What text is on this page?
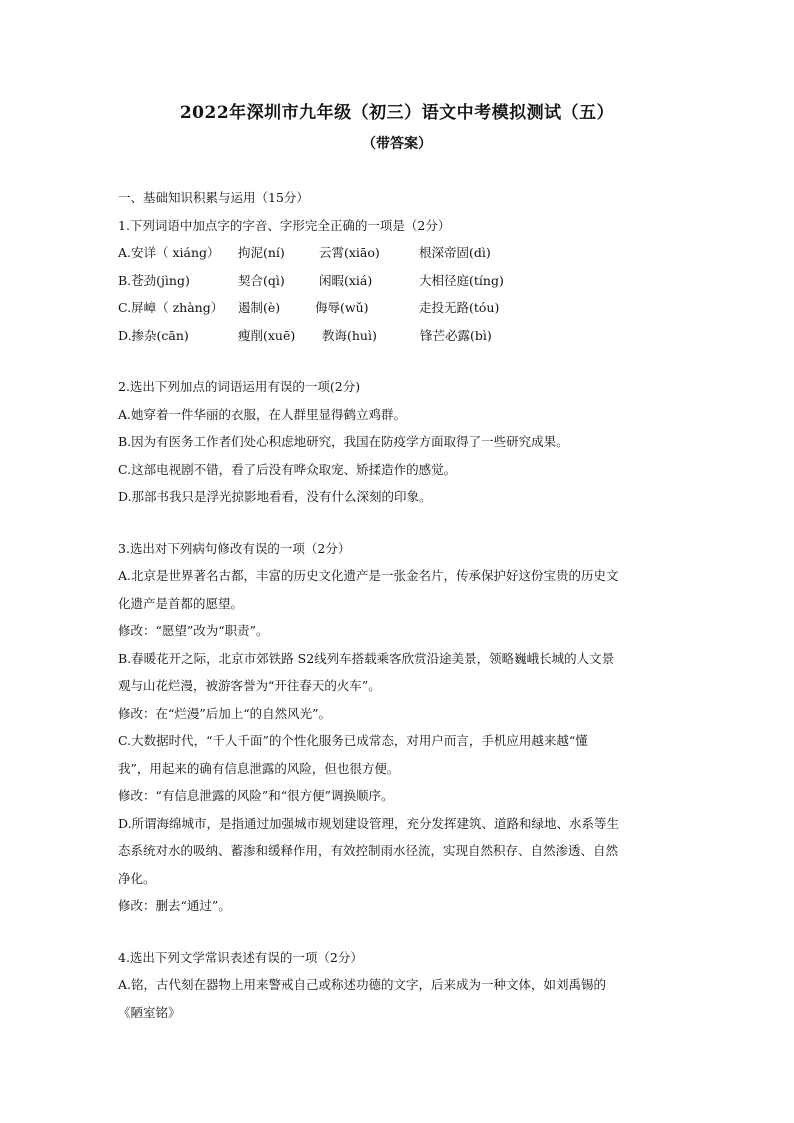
2022年深圳市九年级（初三）语文中考模拟测试（五）
（带答案）
一、基础知识积累与运用（15分）
1.下列词语中加点字的字音、字形完全正确的一项是（2分）
A.安详（ xiáng）	拘泥(ní)	云霄(xiāo)	根深帝固(dì)
B.苍劲(jìng)	契合(qì)	闲暇(xiá)	大相径庭(tíng)
C.屏嶂（ zhàng）	遏制(è)	侮辱(wǔ)	走投无路(tóu)
D.掺杂(cān)	瘦削(xuē)	教诲(huì)	锋芒必露(bì)
2.选出下列加点的词语运用有误的一项(2分)
A.她穿着一件华丽的衣服，在人群里显得鹤立鸡群。
B.因为有医务工作者们处心积虑地研究，我国在防疫学方面取得了一些研究成果。
C.这部电视剧不错，看了后没有哗众取宠、矫揉造作的感觉。
D.那部书我只是浮光掠影地看看，没有什么深刻的印象。
3.选出对下列病句修改有误的一项（2分）
A.北京是世界著名古都，丰富的历史文化遗产是一张金名片，传承保护好这份宝贵的历史文
化遗产是首都的愿望。
修改：“愿望”改为“职责”。
B.春暖花开之际，北京市郊铁路 S2线列车搭载乘客欣赏沿途美景，领略巍峨长城的人文景
观与山花烂漫，被游客誉为“开往春天的火车”。
修改：在“烂漫”后加上“的自然风光”。
C.大数据时代，“千人千面”的个性化服务已成常态，对用户而言，手机应用越来越“懂
我”，用起来的确有信息泄露的风险，但也很方便。
修改：“有信息泄露的风险”和“很方便”调换顺序。
D.所谓海绵城市，是指通过加强城市规划建设管理，充分发挥建筑、道路和绿地、水系等生
态系统对水的吸纳、蓄渗和缓释作用，有效控制雨水径流，实现自然积存、自然渗透、自然
净化。
修改：删去“通过”。
4.选出下列文学常识表述有误的一项（2分）
A.铭，古代刻在器物上用来警戒自己或称述功德的文字，后来成为一种文体，如刘禹锡的
《陋室铭》
